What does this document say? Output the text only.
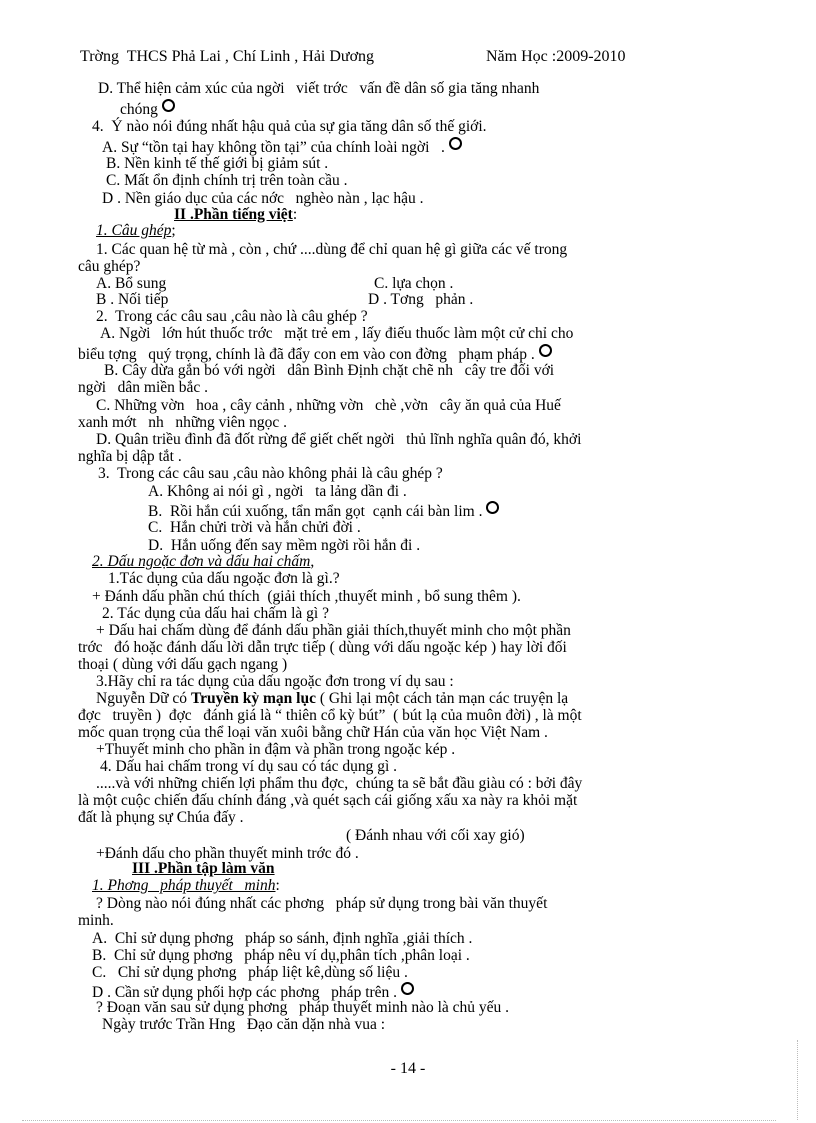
Trờng  THCS Phả Lai , Chí Linh , Hải Dương	Năm Học :2009-2010
D. Thể hiện cảm xúc của ngời   viết trớc   vấn đề dân số gia tăng nhanh
chóng
4.  Ý nào nói đúng nhất hậu quả của sự gia tăng dân số thế giới.
A. Sự “tồn tại hay không tồn tại” của chính loài ngời   .
B. Nền kinh tế thế giới bị giảm sút .
C. Mất ổn định chính trị trên toàn cầu .
D . Nền giáo dục của các nớc   nghèo nàn , lạc hậu .
II .Phần tiếng việt:
1. Câu ghép;
1. Các quan hệ từ mà , còn , chứ ....dùng để chỉ quan hệ gì giữa các vế trong
câu ghép?
A. Bổ sung	C. lựa chọn .
B . Nối tiếp	D . Tơng   phản .
2.  Trong các câu sau ,câu nào là câu ghép ?
A. Ngời   lớn hút thuốc trớc   mặt trẻ em , lấy điếu thuốc làm một cử chỉ cho
biểu tợng   quý trọng, chính là đã đẩy con em vào con đờng   phạm pháp .
B. Cây dừa gắn bó với ngời   dân Bình Định chặt chẽ nh   cây tre đối với
ngời   dân miền bắc .
C. Những vờn   hoa , cây cảnh , những vờn   chè ,vờn   cây ăn quả của Huế
xanh mớt   nh   những viên ngọc .
D. Quân triều đình đã đốt rừng để giết chết ngời   thủ lĩnh nghĩa quân đó, khởi
nghĩa bị dập tắt .
3.  Trong các câu sau ,câu nào không phải là câu ghép ?
A. Không ai nói gì , ngời   ta lảng dần đi .
B.  Rồi hắn cúi xuống, tẩn mẩn gọt  cạnh cái bàn lim .
C.  Hắn chửi trời và hắn chửi đời .
D.  Hắn uống đến say mềm ngời rồi hắn đi .
2. Dấu ngoặc đơn và dấu hai chấm,
1.Tác dụng của dấu ngoặc đơn là gì.?
+ Đánh dấu phần chú thích  (giải thích ,thuyết minh , bổ sung thêm ).
2. Tác dụng của dấu hai chấm là gì ?
+ Dấu hai chấm dùng để đánh dấu phần giải thích,thuyết minh cho một phần
trớc   đó hoặc đánh dấu lời dẫn trực tiếp ( dùng với dấu ngoặc kép ) hay lời đối
thoại ( dùng với dấu gạch ngang )
3.Hãy chỉ ra tác dụng của dấu ngoặc đơn trong ví dụ sau :
Nguyễn Dữ có Truyền kỳ mạn lục ( Ghi lại một cách tản mạn các truyện lạ
đợc   truyền )  đợc   đánh giá là “ thiên cổ kỳ bút”  ( bút lạ của muôn đời) , là một
mốc quan trọng của thể loại văn xuôi bằng chữ Hán của văn học Việt Nam .
+Thuyết minh cho phần in đậm và phần trong ngoặc kép .
4. Dấu hai chấm trong ví dụ sau có tác dụng gì .
.....và với những chiến lợi phẩm thu đợc,  chúng ta sẽ bắt đầu giàu có : bởi đây
là một cuộc chiến đấu chính đáng ,và quét sạch cái giống xấu xa này ra khỏi mặt
đất là phụng sự Chúa đấy .
( Đánh nhau với cối xay gió)
+Đánh dấu cho phần thuyết minh trớc đó .
III .Phần tập làm văn
1. Phơng   pháp thuyết   minh:
? Dòng nào nói đúng nhất các phơng   pháp sử dụng trong bài văn thuyết
minh.
A.  Chỉ sử dụng phơng   pháp so sánh, định nghĩa ,giải thích .
B.  Chỉ sử dụng phơng   pháp nêu ví dụ,phân tích ,phân loại .
C.   Chỉ sử dụng phơng   pháp liệt kê,dùng số liệu .
D . Cần sử dụng phối hợp các phơng   pháp trên .
? Đoạn văn sau sử dụng phơng   pháp thuyết minh nào là chủ yếu .
Ngày trước Trần Hng   Đạo căn dặn nhà vua :
- 14 -
